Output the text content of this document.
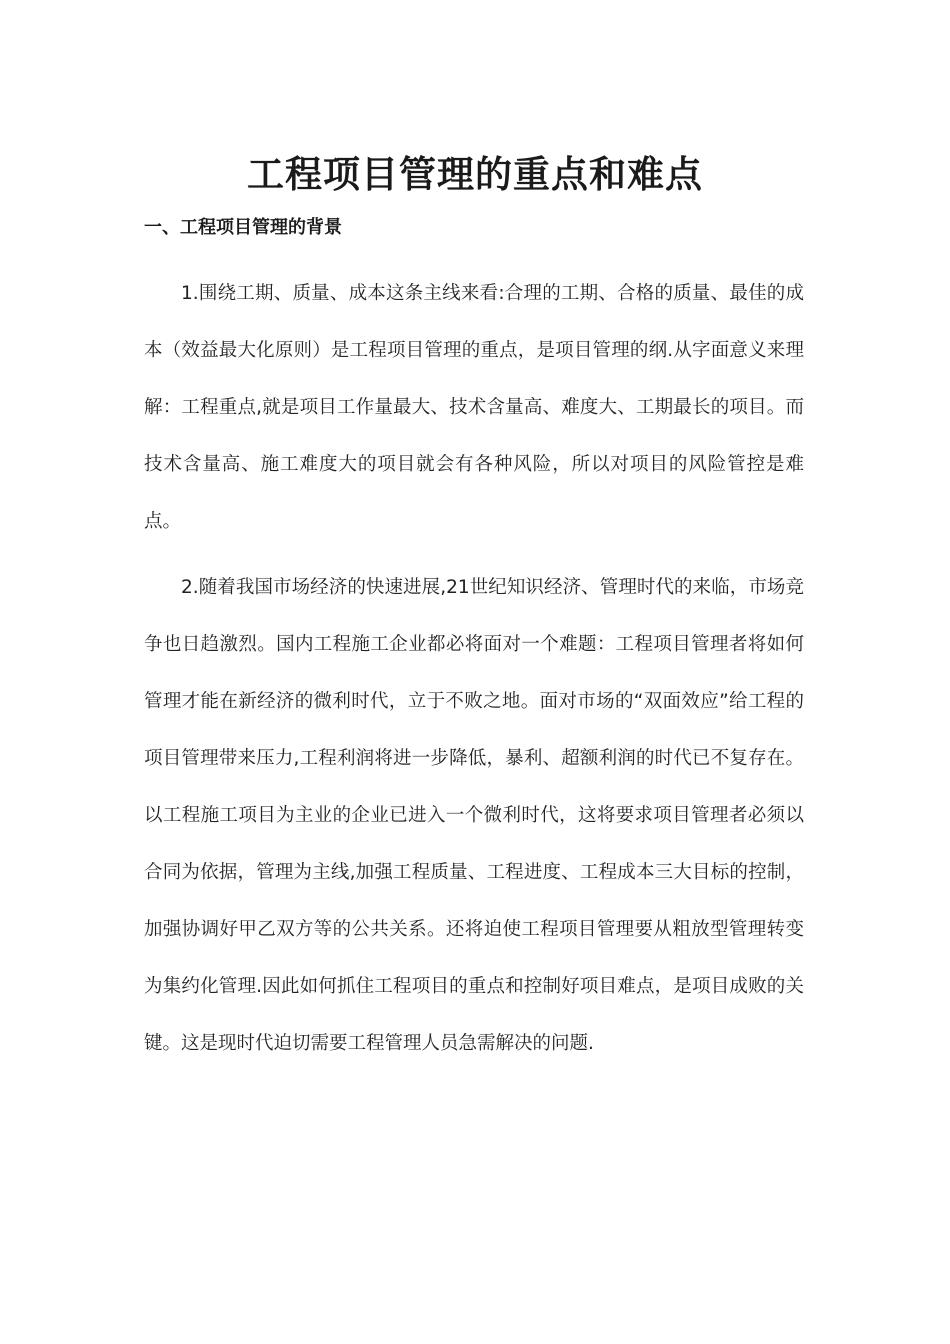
工程项目管理的重点和难点
一、工程项目管理的背景

1.围绕工期、质量、成本这条主线来看:合理的工期、合格的质量、最佳的成本（效益最大化原则）是工程项目管理的重点，是项目管理的纲.从字面意义来理解：工程重点,就是项目工作量最大、技术含量高、难度大、工期最长的项目。而技术含量高、施工难度大的项目就会有各种风险，所以对项目的风险管控是难点。

2.随着我国市场经济的快速进展,21世纪知识经济、管理时代的来临，市场竞争也日趋激烈。国内工程施工企业都必将面对一个难题：工程项目管理者将如何管理才能在新经济的微利时代，立于不败之地。面对市场的“双面效应”给工程的项目管理带来压力,工程利润将进一步降低，暴利、超额利润的时代已不复存在。以工程施工项目为主业的企业已进入一个微利时代，这将要求项目管理者必须以合同为依据，管理为主线,加强工程质量、工程进度、工程成本三大目标的控制，加强协调好甲乙双方等的公共关系。还将迫使工程项目管理要从粗放型管理转变为集约化管理.因此如何抓住工程项目的重点和控制好项目难点，是项目成败的关键。这是现时代迫切需要工程管理人员急需解决的问题.
